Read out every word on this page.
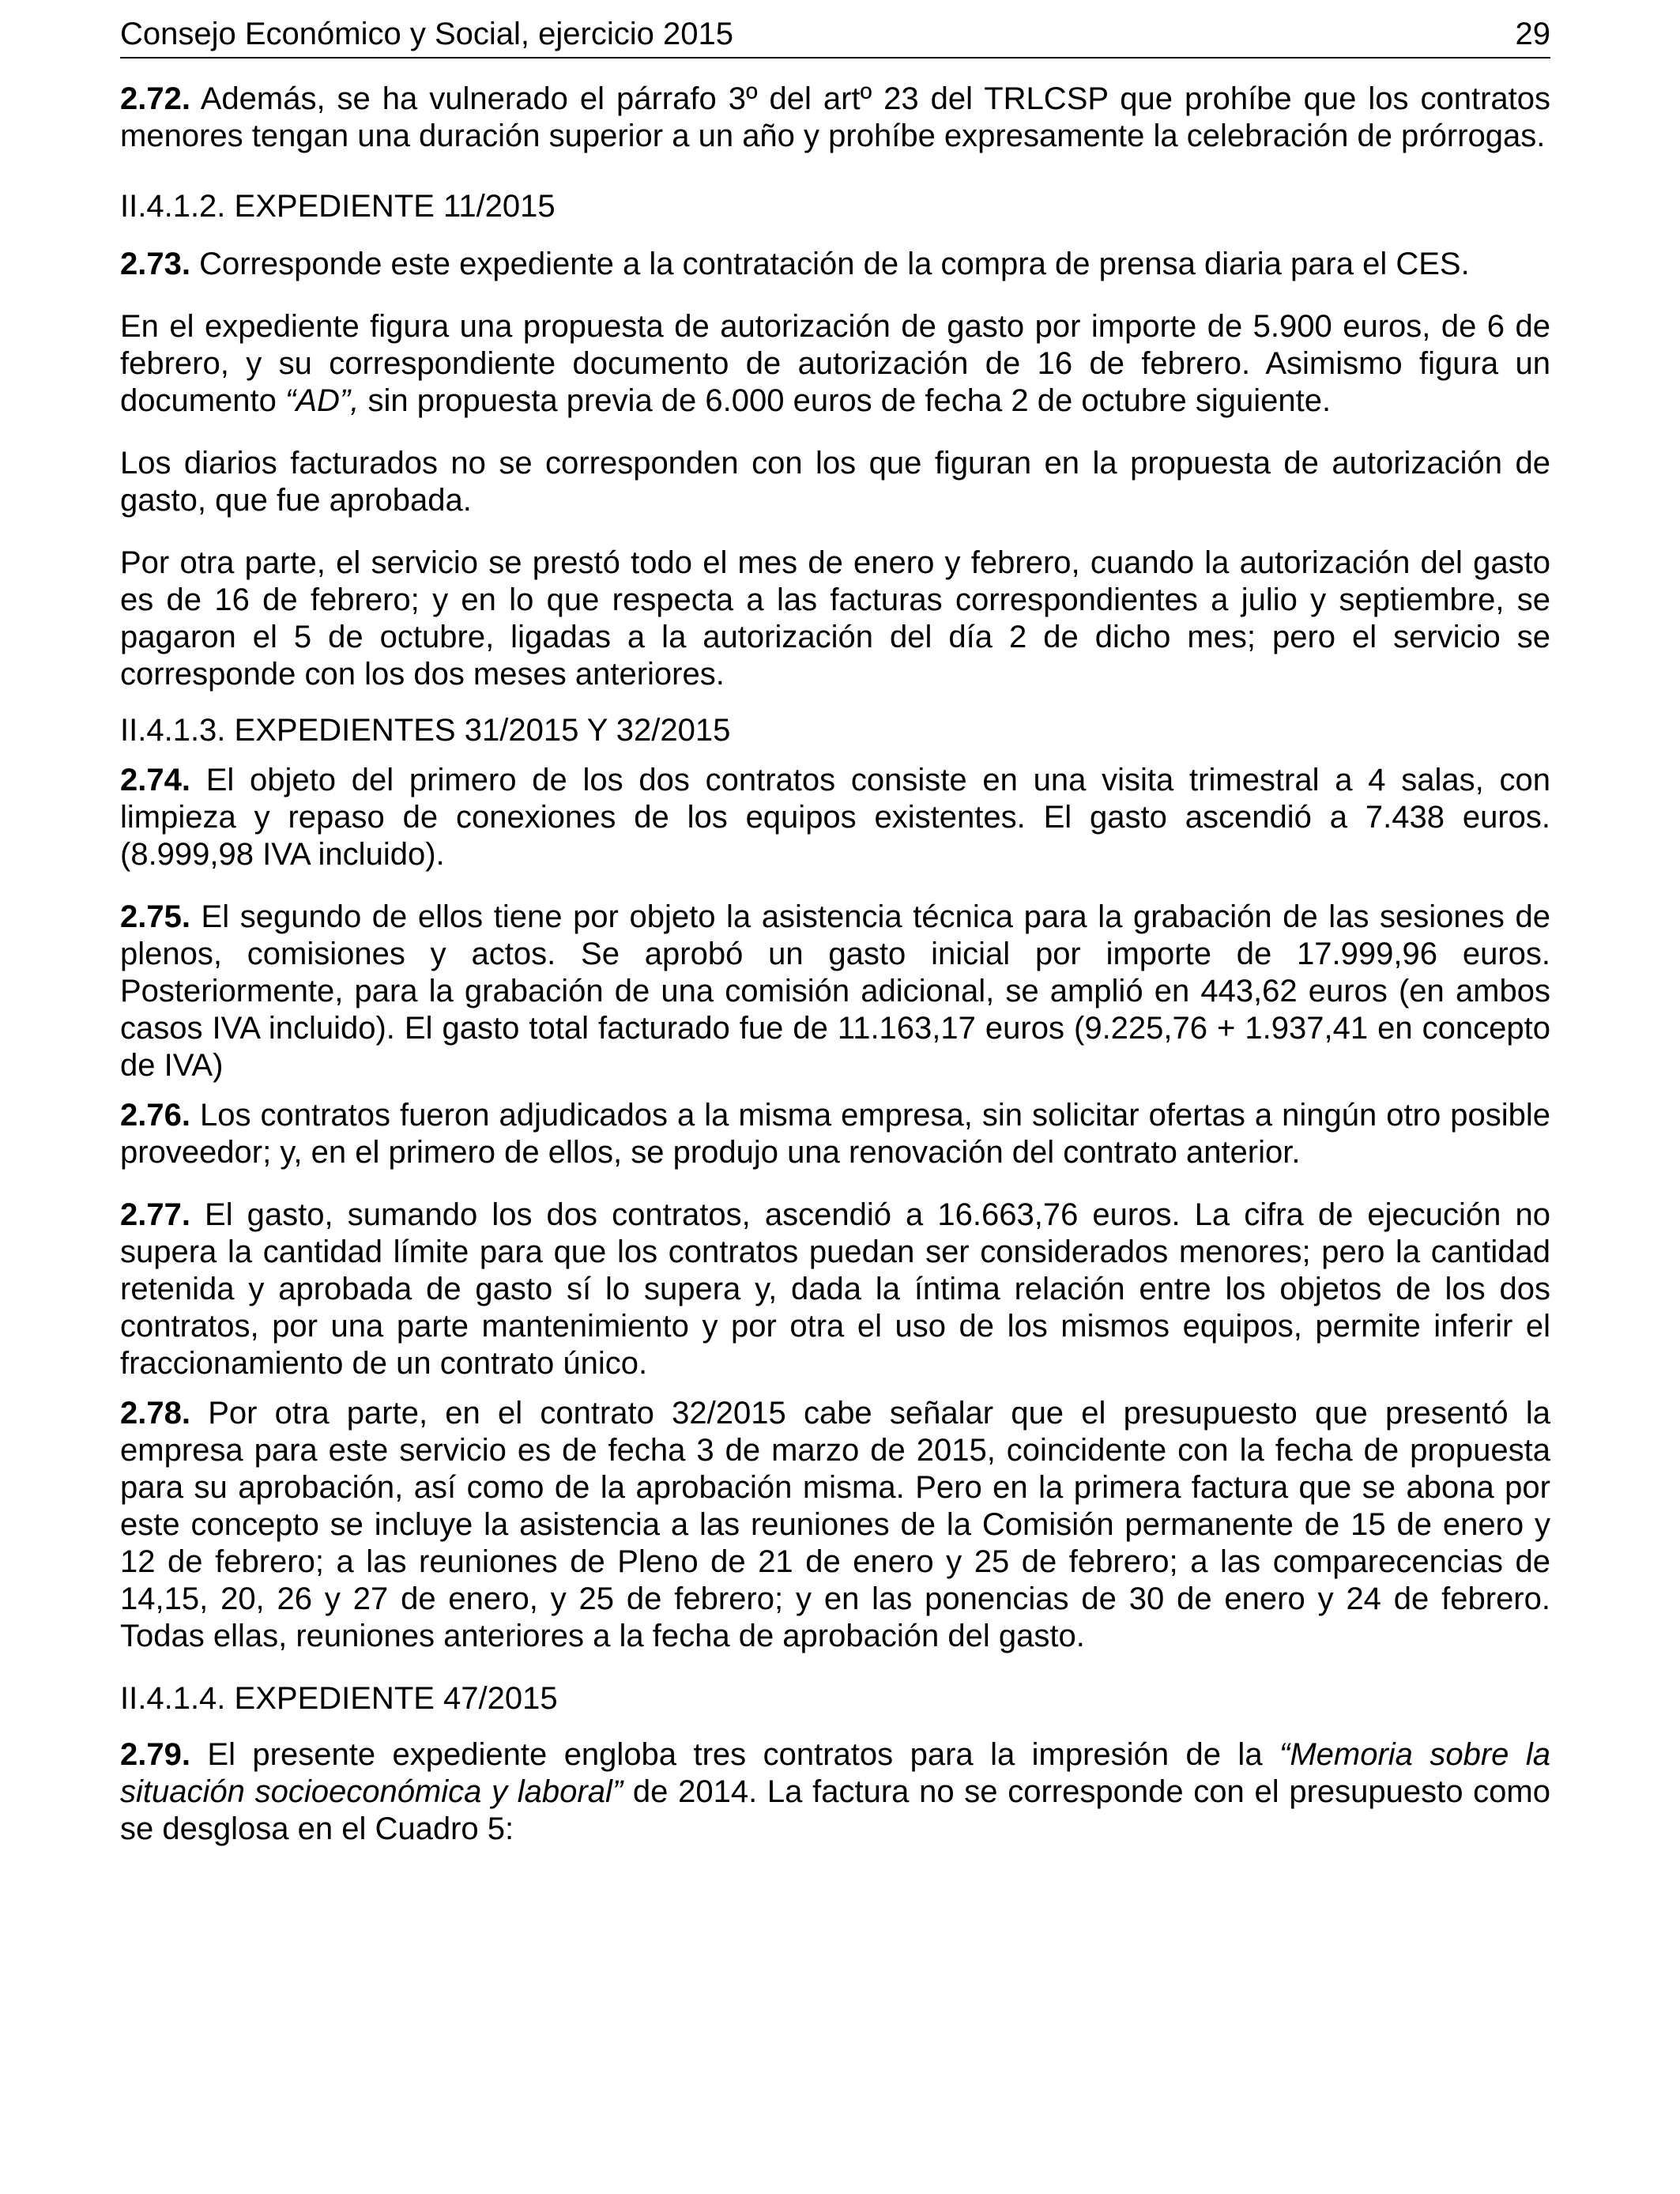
Consejo Económico y Social, ejercicio 2015	29

2.72. Además, se ha vulnerado el párrafo 3º del artº 23 del TRLCSP que prohíbe que los contratos menores tengan una duración superior a un año y prohíbe expresamente la celebración de prórrogas.

II.4.1.2. EXPEDIENTE 11/2015

2.73. Corresponde este expediente a la contratación de la compra de prensa diaria para el CES.

En el expediente figura una propuesta de autorización de gasto por importe de 5.900 euros, de 6 de febrero, y su correspondiente documento de autorización de 16 de febrero. Asimismo figura un documento “AD”, sin propuesta previa de 6.000 euros de fecha 2 de octubre siguiente.

Los diarios facturados no se corresponden con los que figuran en la propuesta de autorización de gasto, que fue aprobada.

Por otra parte, el servicio se prestó todo el mes de enero y febrero, cuando la autorización del gasto es de 16 de febrero; y en lo que respecta a las facturas correspondientes a julio y septiembre, se pagaron el 5 de octubre, ligadas a la autorización del día 2 de dicho mes; pero el servicio se corresponde con los dos meses anteriores.

II.4.1.3. EXPEDIENTES 31/2015 Y 32/2015

2.74. El objeto del primero de los dos contratos consiste en una visita trimestral a 4 salas, con limpieza y repaso de conexiones de los equipos existentes. El gasto ascendió a 7.438 euros. (8.999,98 IVA incluido).

2.75. El segundo de ellos tiene por objeto la asistencia técnica para la grabación de las sesiones de plenos, comisiones y actos. Se aprobó un gasto inicial por importe de 17.999,96 euros. Posteriormente, para la grabación de una comisión adicional, se amplió en 443,62 euros (en ambos casos IVA incluido). El gasto total facturado fue de 11.163,17 euros (9.225,76 + 1.937,41 en concepto de IVA)

2.76. Los contratos fueron adjudicados a la misma empresa, sin solicitar ofertas a ningún otro posible proveedor; y, en el primero de ellos, se produjo una renovación del contrato anterior.

2.77. El gasto, sumando los dos contratos, ascendió a 16.663,76 euros. La cifra de ejecución no supera la cantidad límite para que los contratos puedan ser considerados menores; pero la cantidad retenida y aprobada de gasto sí lo supera y, dada la íntima relación entre los objetos de los dos contratos, por una parte mantenimiento y por otra el uso de los mismos equipos, permite inferir el fraccionamiento de un contrato único.

2.78. Por otra parte, en el contrato 32/2015 cabe señalar que el presupuesto que presentó la empresa para este servicio es de fecha 3 de marzo de 2015, coincidente con la fecha de propuesta para su aprobación, así como de la aprobación misma. Pero en la primera factura que se abona por este concepto se incluye la asistencia a las reuniones de la Comisión permanente de 15 de enero y 12 de febrero; a las reuniones de Pleno de 21 de enero y 25 de febrero; a las comparecencias de 14,15, 20, 26 y 27 de enero, y 25 de febrero; y en las ponencias de 30 de enero y 24 de febrero. Todas ellas, reuniones anteriores a la fecha de aprobación del gasto.

II.4.1.4. EXPEDIENTE 47/2015

2.79. El presente expediente engloba tres contratos para la impresión de la “Memoria sobre la situación socioeconómica y laboral” de 2014. La factura no se corresponde con el presupuesto como se desglosa en el Cuadro 5:
